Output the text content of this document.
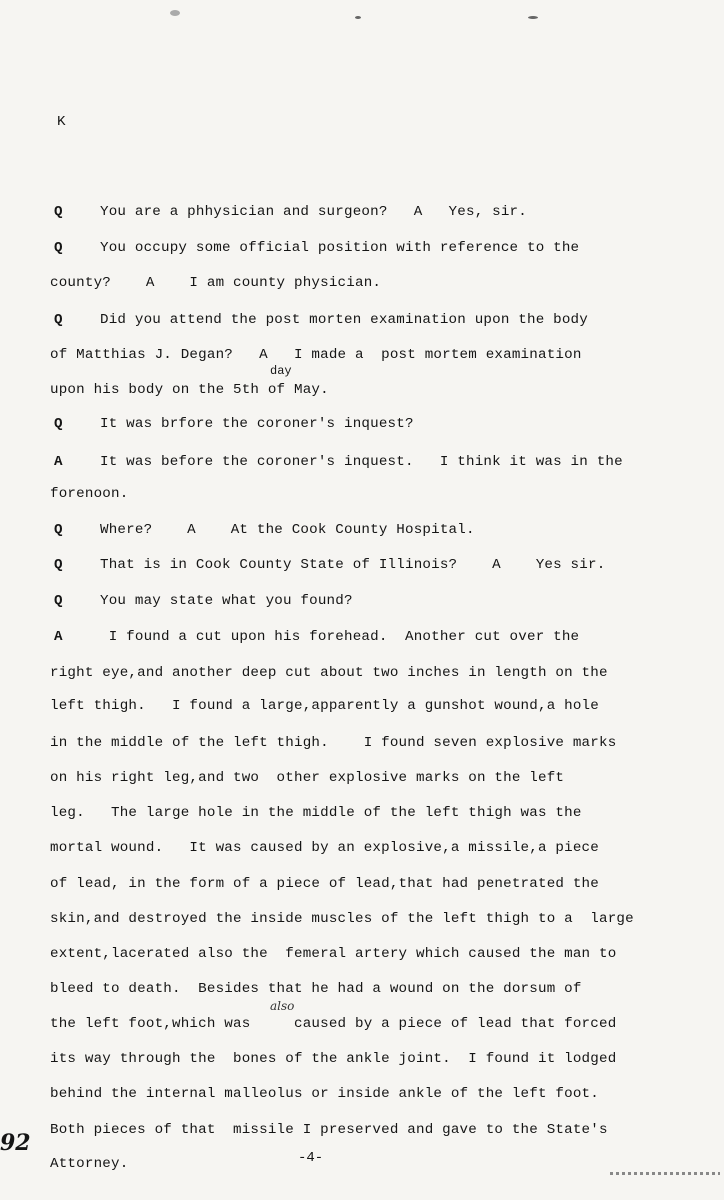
K
Q	You are a phhysician and surgeon?   A   Yes, sir.
Q	You occupy some official position with reference to the
county?    A    I am county physician.
Q	Did you attend the post morten examination upon the body
of Matthias J. Degan?   A   I made a  post mortem examination
upon his body on the 5th of May.
Q	It was brfore the coroner's inquest?
A	It was before the coroner's inquest.   I think it was in the
forenoon.
Q	Where?    A    At the Cook County Hospital.
Q	That is in Cook County State of Illinois?    A    Yes sir.
Q	You may state what you found?
A	I found a cut upon his forehead.  Another cut over the
right eye,and another deep cut about two inches in length on the
left thigh.   I found a large,apparently a gunshot wound,a hole
in the middle of the left thigh.    I found seven explosive marks
on his right leg,and two  other explosive marks on the left
leg.   The large hole in the middle of the left thigh was the
mortal wound.   It was caused by an explosive,a missile,a piece
of lead, in the form of a piece of lead,that had penetrated the
skin,and destroyed the inside muscles of the left thigh to a  large
extent,lacerated also the  femeral artery which caused the man to
bleed to death.  Besides that he had a wound on the dorsum of
the left foot,which was     caused by a piece of lead that forced
its way through the  bones of the ankle joint.  I found it lodged
behind the internal malleolus or inside ankle of the left foot.
Both pieces of that  missile I preserved and gave to the State's
Attorney.
day
also
-4-
92
